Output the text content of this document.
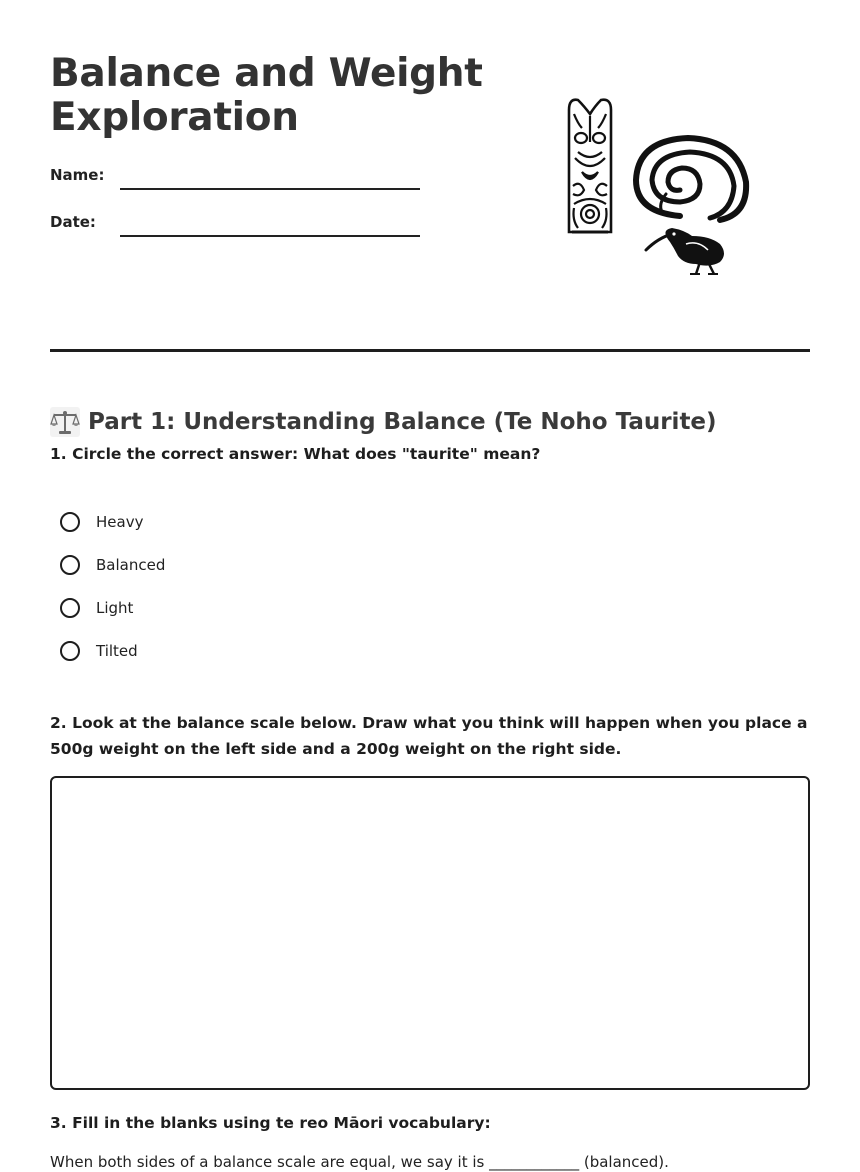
Balance and Weight
Exploration
Name:
Date:
Part 1: Understanding Balance (Te Noho Taurite)

1. Circle the correct answer: What does "taurite" mean?

Heavy
Balanced
Light
Tilted

2. Look at the balance scale below. Draw what you think will happen when you place a 500g weight on the left side and a 200g weight on the right side.

3. Fill in the blanks using te reo Māori vocabulary:

When both sides of a balance scale are equal, we say it is ____________ (balanced).
